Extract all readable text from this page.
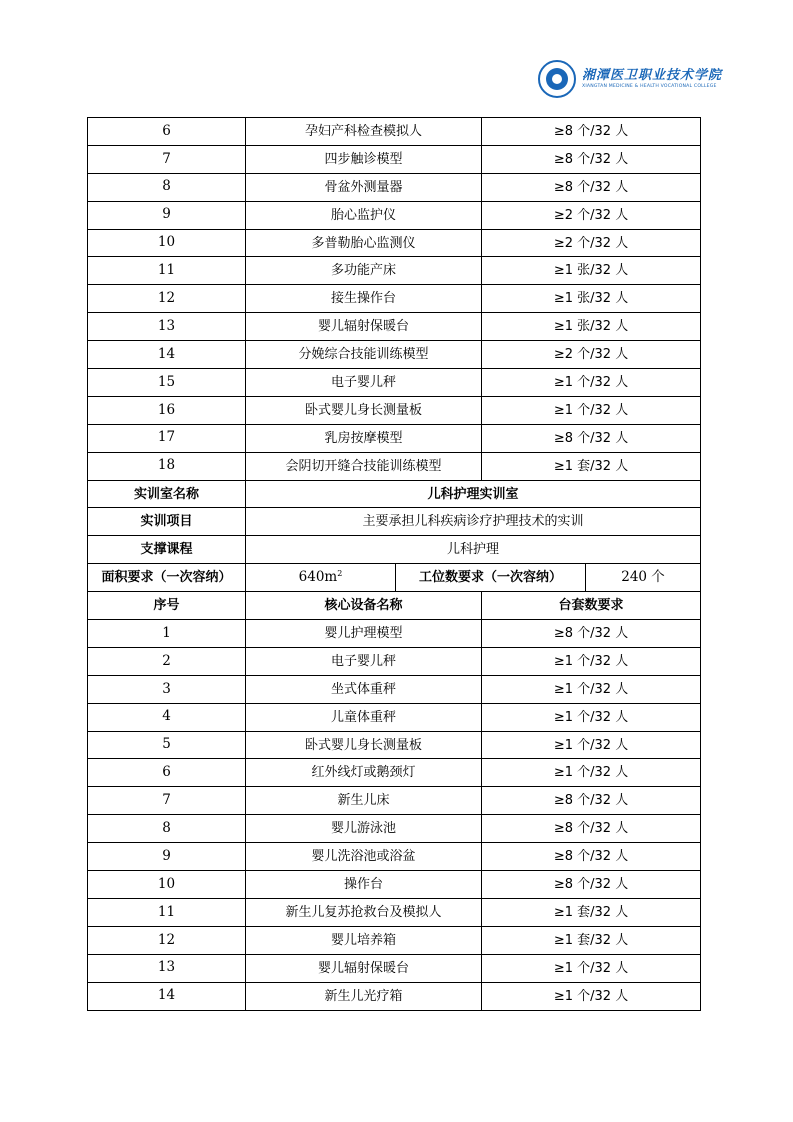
湘潭医卫职业技术学院
XIANGTAN MEDICINE & HEALTH VOCATIONAL COLLEGE
6	孕妇产科检查模拟人		≥8 个/32 人	
7	四步触诊模型		≥8 个/32 人	
8	骨盆外测量器		≥8 个/32 人	
9	胎心监护仪		≥2 个/32 人	
10	多普勒胎心监测仪		≥2 个/32 人	
11	多功能产床		≥1 张/32 人	
12	接生操作台		≥1 张/32 人	
13	婴儿辐射保暖台		≥1 张/32 人	
14	分娩综合技能训练模型		≥2 个/32 人	
15	电子婴儿秤		≥1 个/32 人	
16	卧式婴儿身长测量板		≥1 个/32 人	
17	乳房按摩模型		≥8 个/32 人	
18	会阴切开缝合技能训练模型		≥1 套/32 人	
实训室名称	儿科护理实训室			
实训项目	主要承担儿科疾病诊疗护理技术的实训			
支撑课程	儿科护理			
面积要求（一次容纳）	$640m^2$	工位数要求（一次容纳）		240 个
序号	核心设备名称		台套数要求	
1	婴儿护理模型		≥8 个/32 人	
2	电子婴儿秤		≥1 个/32 人	
3	坐式体重秤		≥1 个/32 人	
4	儿童体重秤		≥1 个/32 人	
5	卧式婴儿身长测量板		≥1 个/32 人	
6	红外线灯或鹅颈灯		≥1 个/32 人	
7	新生儿床		≥8 个/32 人	
8	婴儿游泳池		≥8 个/32 人	
9	婴儿洗浴池或浴盆		≥8 个/32 人	
10	操作台		≥8 个/32 人	
11	新生儿复苏抢救台及模拟人		≥1 套/32 人	
12	婴儿培养箱		≥1 套/32 人	
13	婴儿辐射保暖台		≥1 个/32 人	
14	新生儿光疗箱		≥1 个/32 人	
